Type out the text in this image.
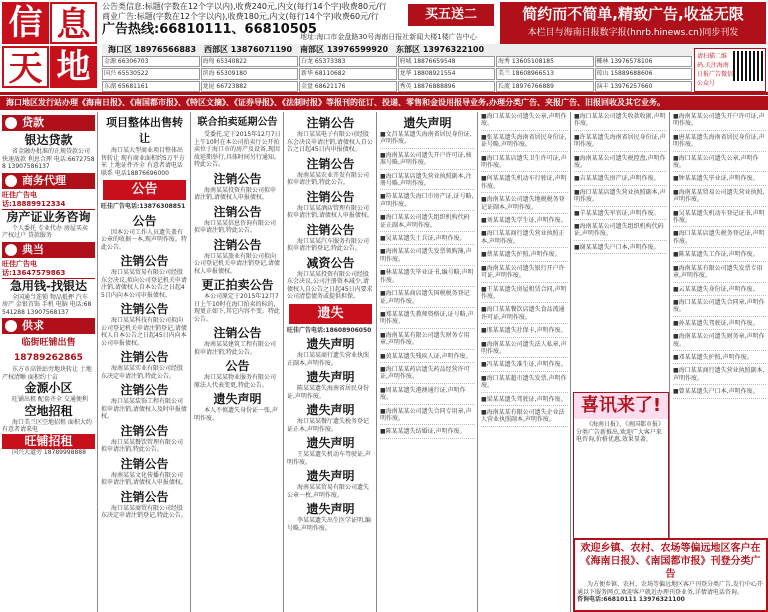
信 息
天 地
公告类信息:标题(字数在12个字以内),收费240元,内文(每行14个字)收费80元/行
商业广告:标题(字数在12个字以内),收费180元,内文(每行14个字)收费60元/行
广告热线:66810111、66810505
买五送二
地址:海口市金盘路30号海南日报社新闻大楼1楼广告中心
简约而不简单,精致广告,收益无限
本栏目与海南日报数字报(hnrb.hinews.cn)同步刊发
海口区 18976566883 西部区 13876071190 南部区 13976599920 东部区 13976322100
金源 66306703	海甸 65340822	白龙 65373383	府城 18876659548	海秀 13605108185	椰林 13976578106
国兴 65530522	滨海 65309180	新华 68110682	龙华 18808921554	美兰 18608966513	琼山 15889688606
东湖 65681161	龙昆 66723882	金盘 68621176	秀英 18876888896	长流 18976766889	演丰 13976257660
请扫描二维码,关注海南日报广告微信公众号
海口地区发行站办理《海南日报》、《南国都市报》、《特区文摘》、《证券导报》、《法制时报》等报刊的征订、投递、零售和金设用报导业务,办理分类广告、夹报广告、旧报回收及其它业务。
贷款
银达贷款
省金融办批准的正规贷款公司 快速放款 利息合理 电话:66727588 13907586137
商务代理
旺佳广告电话:18889912334
房产证业务咨询
个人委托 专业代办 房屋买卖 产权过户 贷款服务
典当
旺佳广告电话:13647579863
急用钱-找银达
全国通当连锁 物品抵押 汽车 房产 金银首饰 手机 电脑 电话:68541288 13907568137
供求
临街旺铺出售 18789262865
东方市高铁站旁地块转让 土地产权清晰 面积约十亩
金源小区
旺铺出租 配套齐全 交通便利
空地招租
海口美兰区空地招租 面积大约 有意者请来电
旺铺招租
国兴大道旁 18789998888
项目整体出售转让
海口某大型商业项目整体出售转让 现有商业面积约5万平方米 土地证件齐全 有意者请电话联系 电话18876696000
公告
旺佳广告电话:13876308851
公告
因本公司工作人员遗失盖有公章的收据一本,现声明作废。特此公告。
注销公告
海口某某贸易有限公司经股东会决议,拟向公司登记机关申请注销,请债权人自本公告之日起45日内向本公司申报债权。
注销公告
海口某某科技有限公司拟向公司登记机关申请注销登记,请债权人自本公告之日起45日内向本公司申报债权。
注销公告
海南某某实业有限公司经股东决定申请注销,特此公告。
注销公告
海口某某装饰工程有限公司拟申请注销,请债权人及时申报债权。
注销公告
海口某某餐饮管理有限公司拟申请注销,特此公告。
注销公告
海南某某文化传播有限公司拟申请注销,请债权人申报债权。
注销公告
海口某某商贸有限公司经股东决定申请注销登记,特此公告。
联合拍卖延期公告
受委托,定于2015年12月7日上午10时在本公司拍卖厅公开拍卖位于海口市的房产及设备,现因故延期举行,具体时间另行通知。特此公告。
注销公告
海南某某投资有限公司拟申请注销,请债权人申报债权。
注销公告
海口某某信息咨询有限公司拟申请注销,特此公告。
注销公告
海口某某旅业有限公司拟向公司登记机关申请注销登记,请债权人申报债权。
更正拍卖公告
本公司原定于2015年12月7日上午10时在海口拍卖的标的,现更正如下,其它内容不变。特此公告。
注销公告
海南某某建筑工程有限公司拟申请注销,特此公告。
公告
海口某某物业服务有限公司原法人代表变更,特此公告。
遗失声明
本人不慎遗失身份证一张,声明作废。
注销公告
海口某某电子有限公司经股东会决议申请注销,请债权人自公告之日起45日内申报债权。
注销公告
海南某某农业开发有限公司拟申请注销,特此公告。
注销公告
海口某某酒店管理有限公司拟申请注销,请债权人申报债权。
注销公告
海口某某汽车服务有限公司拟申请注销登记,特此公告。
减资公告
海口某某投资有限公司经股东会决议,公司注册资本减少,请债权人自公告之日起45日内要求公司清偿债务或提供担保。
遗失
旺佳广告电话:18608906050
遗失声明
海口某某商行遗失营业执照正副本,声明作废。
遗失声明
陈某某遗失海南省居民身份证,声明作废。
遗失声明
海口某某餐厅遗失税务登记证正本,声明作废。
遗失声明
王某某遗失机动车驾驶证,声明作废。
遗失声明
海南某某贸易有限公司遗失公章一枚,声明作废。
遗失声明
李某某遗失出生医学证明,编号略,声明作废。
遗失声明
■文昌某某遗失海南省居民身份证,声明作废。
■海南某某公司遗失开户许可证,核准号略,声明作废。
■海口某某店遗失营业执照副本,注册号略,声明作废。
■符某某遗失海口市房产证,证号略,声明作废。
■海口某某公司遗失组织机构代码证正副本,声明作废。
■吴某某遗失士兵证,声明作废。
■海南某某公司遗失发票领购簿,声明作废。
■林某某遗失毕业证书,编号略,声明作废。
■海口某某商店遗失国税税务登记证,声明作废。
■郑某某遗失教师资格证,证号略,声明作废。
■海南某某有限公司遗失财务专用章,声明作废。
■黄某某遗失残疾人证,声明作废。
■海口某某药店遗失药品经营许可证,声明作废。
■周某某遗失港澳通行证,声明作废。
■海南某某公司遗失合同专用章,声明作废。
■陈某某遗失结婚证,声明作废。
■海口某某公司遗失公章,声明作废。
■张某某遗失海南省居民身份证,证号略,声明作废。
■海口某某店遗失卫生许可证,声明作废。
■何某某遗失机动车行驶证,声明作废。
■海南某某公司遗失地税税务登记证副本,声明作废。
■刘某某遗失学生证,声明作废。
■海口某某商行遗失营业执照正本,声明作废。
■蔡某某遗失护照,声明作废。
■海南某某公司遗失银行开户许可证,声明作废。
■王某某遗失房屋租赁合同,声明作废。
■海口某某餐饮店遗失食品流通许可证,声明作废。
■邢某某遗失社保卡,声明作废。
■海南某某公司遗失法人私章,声明作废。
■冯某某遗失准生证,声明作废。
■海口某某超市遗失发票,声明作废。
■梁某某遗失驾驶证,声明作废。
■海南某某有限公司遗失企业法人营业执照副本,声明作废。
■海口某某公司遗失收款收据,声明作废。
■许某某遗失海南省居民身份证,声明作废。
■海南某某公司遗失税控盘,声明作废。
■吉某某遗失房产证,声明作废。
■海口某某店遗失营业执照副本,声明作废。
■羊某某遗失军官证,声明作废。
■海南某某公司遗失组织机构代码证,声明作废。
■谢某某遗失户口本,声明作废。
■海南某某公司遗失开户许可证,声明作废。
■唐某某遗失海南省居民身份证,声明作废。
■海口某某公司遗失公章,声明作废。
■钟某某遗失毕业证,声明作废。
■海南某某贸易公司遗失营业执照,声明作废。
■吴某某遗失机动车登记证书,声明作废。
■海口某某店遗失税务登记证,声明作废。
■陈某某遗失工作证,声明作废。
■海南某某有限公司遗失发票专用章,声明作废。
■云某某遗失身份证,声明作废。
■海口某某公司遗失合同章,声明作废。
■孙某某遗失驾驶证,声明作废。
■海南某某公司遗失财务章,声明作废。
■邓某某遗失护照,声明作废。
■海口某某商行遗失营业执照副本,声明作废。
■曾某某遗失户口本,声明作废。
喜讯来了!
《海南日报》、《南国都市报》分类广告新推出,欢迎广大客户来电咨询,价格优惠,效果显著。
欢迎乡镇、农村、农场等偏远地区客户在《海南日报》、《南国都市报》刊登分类广告
为方便乡镇、农村、农场等偏远地区客户刊登分类广告,发行中心开通以下服务网点,欢迎客户就近办理刊登业务,详情请电话咨询。
咨询电话:66810111 13976321100
